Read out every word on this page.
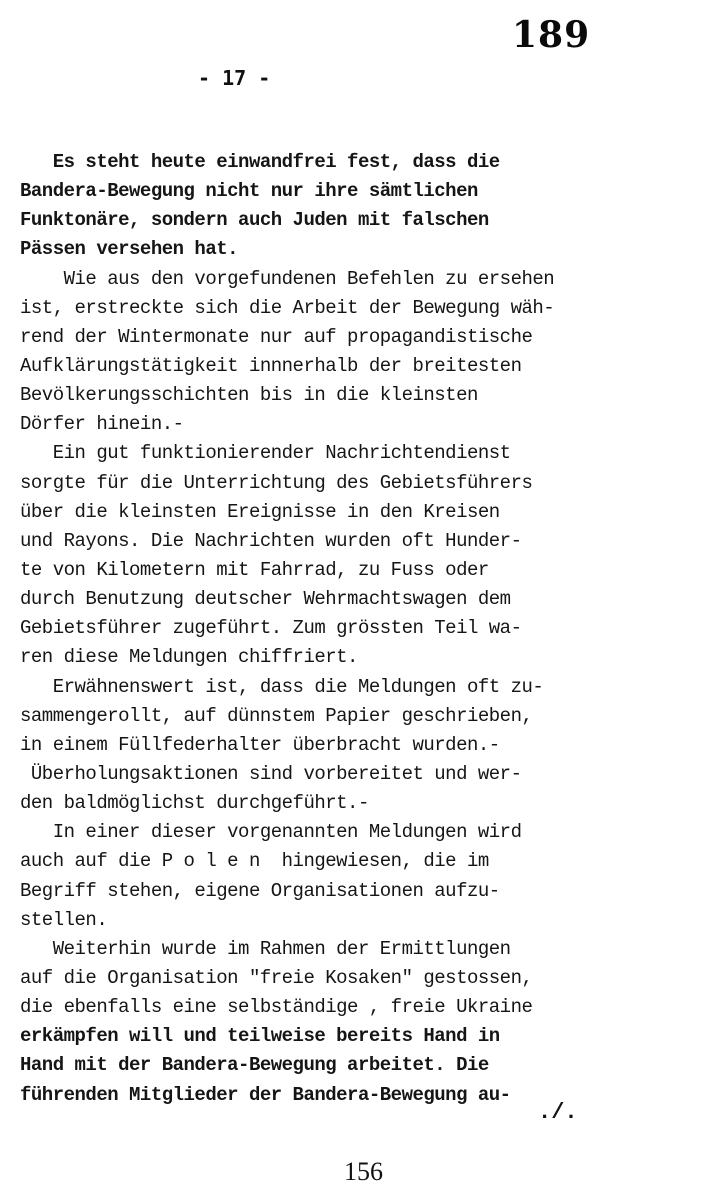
189
- 17 -
Es steht heute einwandfrei fest, dass die
Bandera-Bewegung nicht nur ihre sämtlichen
Funktonäre, sondern auch Juden mit falschen
Pässen versehen hat.
Wie aus den vorgefundenen Befehlen zu ersehen
ist, erstreckte sich die Arbeit der Bewegung wäh-
rend der Wintermonate nur auf propagandistische
Aufklärungstätigkeit innnerhalb der breitesten
Bevölkerungsschichten bis in die kleinsten
Dörfer hinein.-
Ein gut funktionierender Nachrichtendienst
sorgte für die Unterrichtung des Gebietsführers
über die kleinsten Ereignisse in den Kreisen
und Rayons. Die Nachrichten wurden oft Hunder-
te von Kilometern mit Fahrrad, zu Fuss oder
durch Benutzung deutscher Wehrmachtswagen dem
Gebietsführer zugeführt. Zum grössten Teil wa-
ren diese Meldungen chiffriert.
Erwähnenswert ist, dass die Meldungen oft zu-
sammengerollt, auf dünnstem Papier geschrieben,
in einem Füllfederhalter überbracht wurden.-
Überholungsaktionen sind vorbereitet und wer-
den baldmöglichst durchgeführt.-
In einer dieser vorgenannten Meldungen wird
auch auf die P o l e n  hingewiesen, die im
Begriff stehen, eigene Organisationen aufzu-
stellen.
Weiterhin wurde im Rahmen der Ermittlungen
auf die Organisation "freie Kosaken" gestossen,
die ebenfalls eine selbständige , freie Ukraine
erkämpfen will und teilweise bereits Hand in
Hand mit der Bandera-Bewegung arbeitet. Die
führenden Mitglieder der Bandera-Bewegung au-
./.
156
